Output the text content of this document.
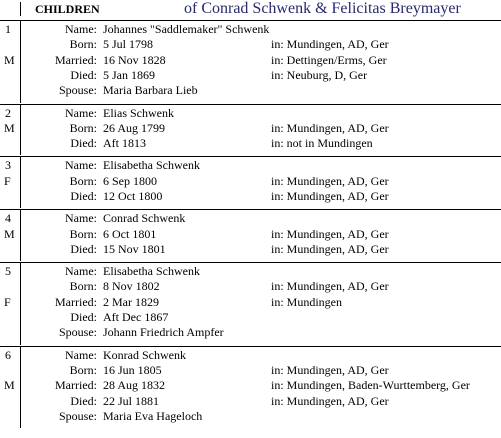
CHILDREN	of Conrad Schwenk & Felicitas Breymayer
1
M
Name: Johannes "Saddlemaker" Schwenk
Born: 5 Jul 1798	in: Mundingen, AD, Ger
Married: 16 Nov 1828	in: Dettingen/Erms, Ger
Died: 5 Jan 1869	in: Neuburg, D, Ger
Spouse: Maria Barbara Lieb
2
M
Name: Elias Schwenk
Born: 26 Aug 1799	in: Mundingen, AD, Ger
Died: Aft 1813	in: not in Mundingen
3
F
Name: Elisabetha Schwenk
Born: 6 Sep 1800	in: Mundingen, AD, Ger
Died: 12 Oct 1800	in: Mundingen, AD, Ger
4
M
Name: Conrad Schwenk
Born: 6 Oct 1801	in: Mundingen, AD, Ger
Died: 15 Nov 1801	in: Mundingen, AD, Ger
5
F
Name: Elisabetha Schwenk
Born: 8 Nov 1802	in: Mundingen, AD, Ger
Married: 2 Mar 1829	in: Mundingen
Died: Aft Dec 1867
Spouse: Johann Friedrich Ampfer
6
M
Name: Konrad Schwenk
Born: 16 Jun 1805	in: Mundingen, AD, Ger
Married: 28 Aug 1832	in: Mundingen, Baden-Wurttemberg, Ger
Died: 22 Jul 1881	in: Mundingen, AD, Ger
Spouse: Maria Eva Hageloch
